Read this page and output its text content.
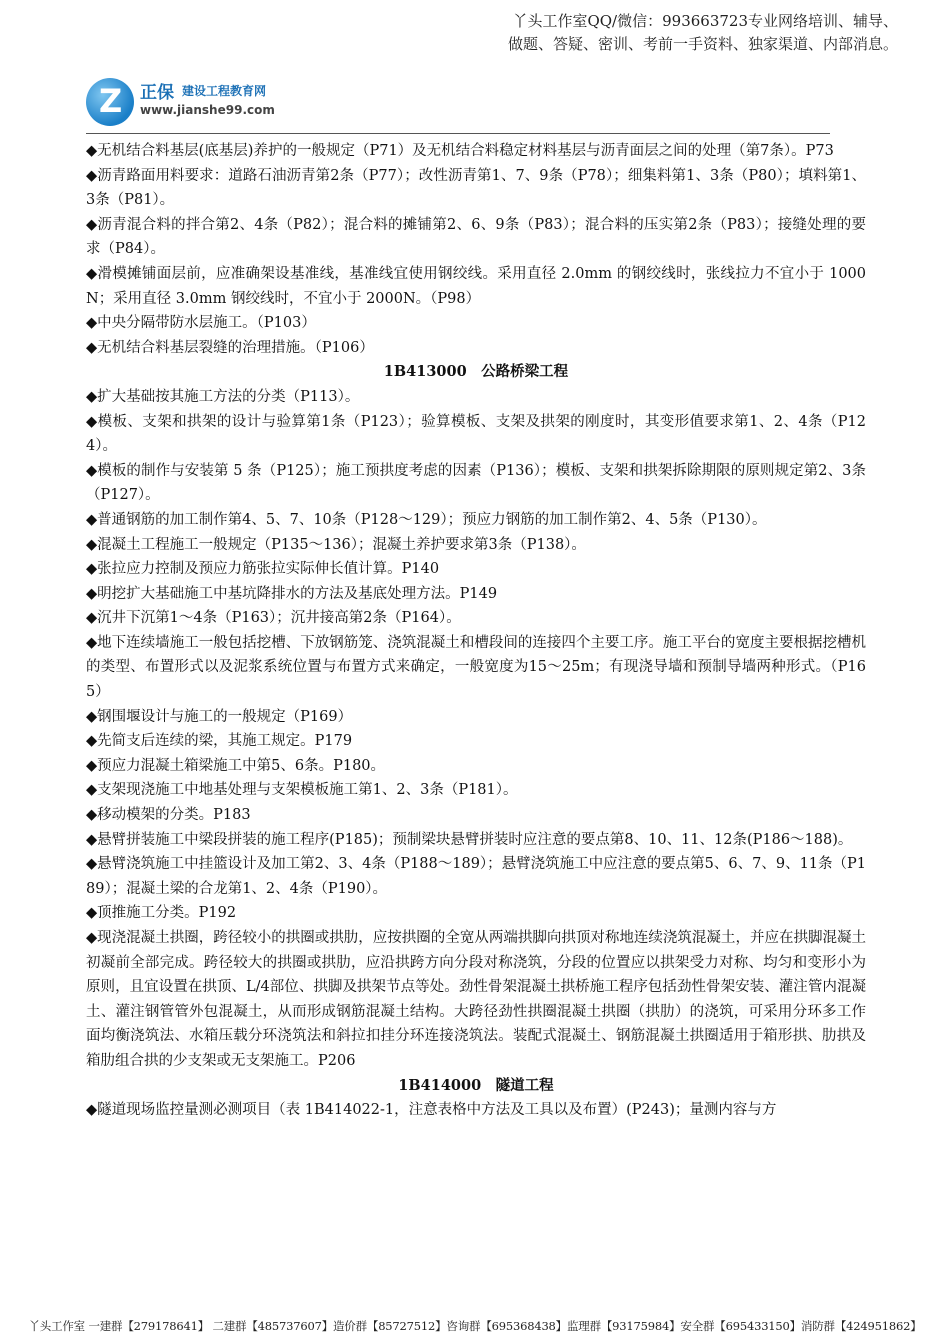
丫头工作室QQ/微信：993663723专业网络培训、辅导、
做题、答疑、密训、考前一手资料、独家渠道、内部消息。
Z 正保 建设工程教育网
www.jianshe99.com

◆无机结合料基层(底基层)养护的一般规定（P71）及无机结合料稳定材料基层与沥青面层之间的处理（第7条）。P73

◆沥青路面用料要求：道路石油沥青第2条（P77）；改性沥青第1、7、9条（P78）；细集料第1、3条（P80）；填料第1、3条（P81）。

◆沥青混合料的拌合第2、4条（P82）；混合料的摊铺第2、6、9条（P83）；混合料的压实第2条（P83）；接缝处理的要求（P84）。

◆滑模摊铺面层前，应准确架设基准线，基准线宜使用钢绞线。采用直径 2.0mm 的钢绞线时，张线拉力不宜小于 1000N；采用直径 3.0mm 钢绞线时，不宜小于 2000N。（P98）

◆中央分隔带防水层施工。（P103）

◆无机结合料基层裂缝的治理措施。（P106）

1B413000　公路桥梁工程

◆扩大基础按其施工方法的分类（P113）。

◆模板、支架和拱架的设计与验算第1条（P123）；验算模板、支架及拱架的刚度时，其变形值要求第1、2、4条（P124）。

◆模板的制作与安装第 5 条（P125）；施工预拱度考虑的因素（P136）；模板、支架和拱架拆除期限的原则规定第2、3条（P127）。

◆普通钢筋的加工制作第4、5、7、10条（P128～129）；预应力钢筋的加工制作第2、4、5条（P130）。

◆混凝土工程施工一般规定（P135～136）；混凝土养护要求第3条（P138）。

◆张拉应力控制及预应力筋张拉实际伸长值计算。P140

◆明挖扩大基础施工中基坑降排水的方法及基底处理方法。P149

◆沉井下沉第1～4条（P163）；沉井接高第2条（P164）。

◆地下连续墙施工一般包括挖槽、下放钢筋笼、浇筑混凝土和槽段间的连接四个主要工序。施工平台的宽度主要根据挖槽机的类型、布置形式以及泥浆系统位置与布置方式来确定，一般宽度为15～25m；有现浇导墙和预制导墙两种形式。（P165）

◆钢围堰设计与施工的一般规定（P169）

◆先简支后连续的梁，其施工规定。P179

◆预应力混凝土箱梁施工中第5、6条。P180。

◆支架现浇施工中地基处理与支架模板施工第1、2、3条（P181）。

◆移动模架的分类。P183

◆悬臂拼装施工中梁段拼装的施工程序(P185)；预制梁块悬臂拼装时应注意的要点第8、10、11、12条(P186～188)。

◆悬臂浇筑施工中挂篮设计及加工第2、3、4条（P188～189）；悬臂浇筑施工中应注意的要点第5、6、7、9、11条（P189）；混凝土梁的合龙第1、2、4条（P190）。

◆顶推施工分类。P192

◆现浇混凝土拱圈，跨径较小的拱圈或拱肋，应按拱圈的全宽从两端拱脚向拱顶对称地连续浇筑混凝土，并应在拱脚混凝土初凝前全部完成。跨径较大的拱圈或拱肋，应沿拱跨方向分段对称浇筑，分段的位置应以拱架受力对称、均匀和变形小为原则，且宜设置在拱顶、L/4部位、拱脚及拱架节点等处。劲性骨架混凝土拱桥施工程序包括劲性骨架安装、灌注管内混凝土、灌注钢管管外包混凝土，从而形成钢筋混凝土结构。大跨径劲性拱圈混凝土拱圈（拱肋）的浇筑，可采用分环多工作面均衡浇筑法、水箱压载分环浇筑法和斜拉扣挂分环连接浇筑法。装配式混凝土、钢筋混凝土拱圈适用于箱形拱、肋拱及箱肋组合拱的少支架或无支架施工。P206

1B414000　隧道工程

◆隧道现场监控量测必测项目（表 1B414022-1，注意表格中方法及工具以及布置）(P243)；量测内容与方

丫头工作室 一建群【279178641】 二建群【485737607】造价群【85727512】咨询群【695368438】监理群【93175984】安全群【695433150】消防群【424951862】
